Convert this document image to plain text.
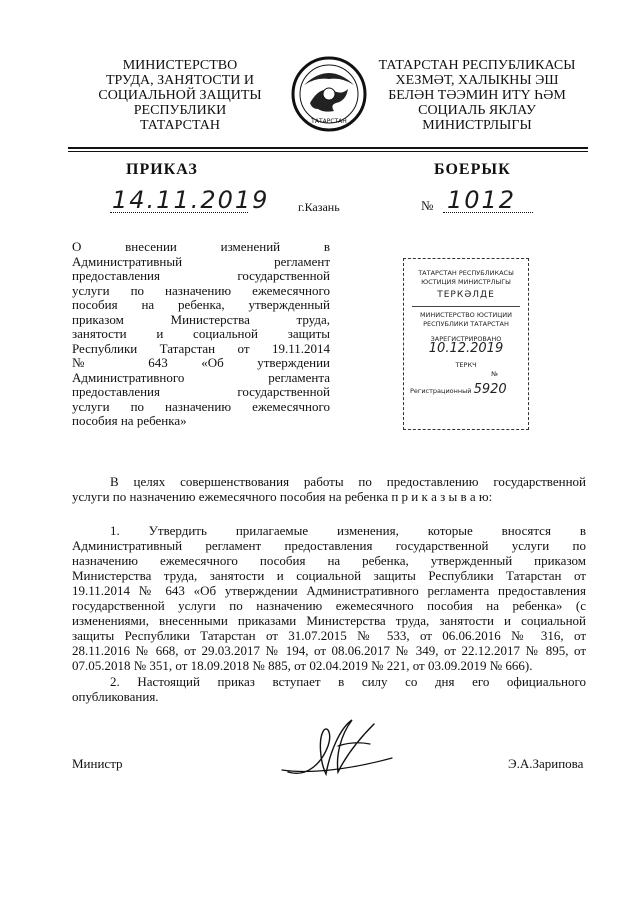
МИНИСТЕРСТВО
ТРУДА, ЗАНЯТОСТИ И
СОЦИАЛЬНОЙ ЗАЩИТЫ
РЕСПУБЛИКИ
ТАТАРСТАН	ТАТАРСТАН
ТАТАРСТАН РЕСПУБЛИКАСЫ
ХЕЗМӘТ, ХАЛЫКНЫ ЭШ
БЕЛӘН ТӘЭМИН ИТҮ ҺӘМ
СОЦИАЛЬ ЯКЛАУ
МИНИСТРЛЫГЫ
ПРИКАЗ	БОЕРЫК
14.11.2019 г.Казань	№ 1012
О внесении изменений в
Административный регламент
предоставления государственной
услуги по назначению ежемесячного
пособия на ребенка, утвержденный
приказом Министерства труда,
занятости и социальной защиты
Республики Татарстан от 19.11.2014
№ 643 «Об утверждении
Административного регламента
предоставления государственной
услуги по назначению ежемесячного
пособия на ребенка»
ТАТАРСТАН РЕСПУБЛИКАСЫ
ЮСТИЦИЯ МИНИСТРЛЫГЫ
ТЕРКӘЛДЕ
МИНИСТЕРСТВО ЮСТИЦИИ
РЕСПУБЛИКИ ТАТАРСТАН
ЗАРЕГИСТРИРОВАНО
10.12.2019
ТЕРКЧ
№
Регистрационный 5920
В целях совершенствования работы по предоставлению государственной
услуги по назначению ежемесячного пособия на ребенка п р и к а з ы в а ю:
1. Утвердить прилагаемые изменения, которые вносятся в
Административный регламент предоставления государственной услуги по
назначению ежемесячного пособия на ребенка, утвержденный приказом
Министерства труда, занятости и социальной защиты Республики Татарстан от
19.11.2014 № 643 «Об утверждении Административного регламента предоставления
государственной услуги по назначению ежемесячного пособия на ребенка» (с
изменениями, внесенными приказами Министерства труда, занятости и социальной
защиты Республики Татарстан от 31.07.2015 № 533, от 06.06.2016 № 316, от
28.11.2016 № 668, от 29.03.2017 № 194, от 08.06.2017 № 349, от 22.12.2017 № 895, от
07.05.2018 № 351, от 18.09.2018 № 885, от 02.04.2019 № 221, от 03.09.2019 № 666).
2. Настоящий приказ вступает в силу со дня его официального
опубликования.
Министр	Э.А.Зарипова
